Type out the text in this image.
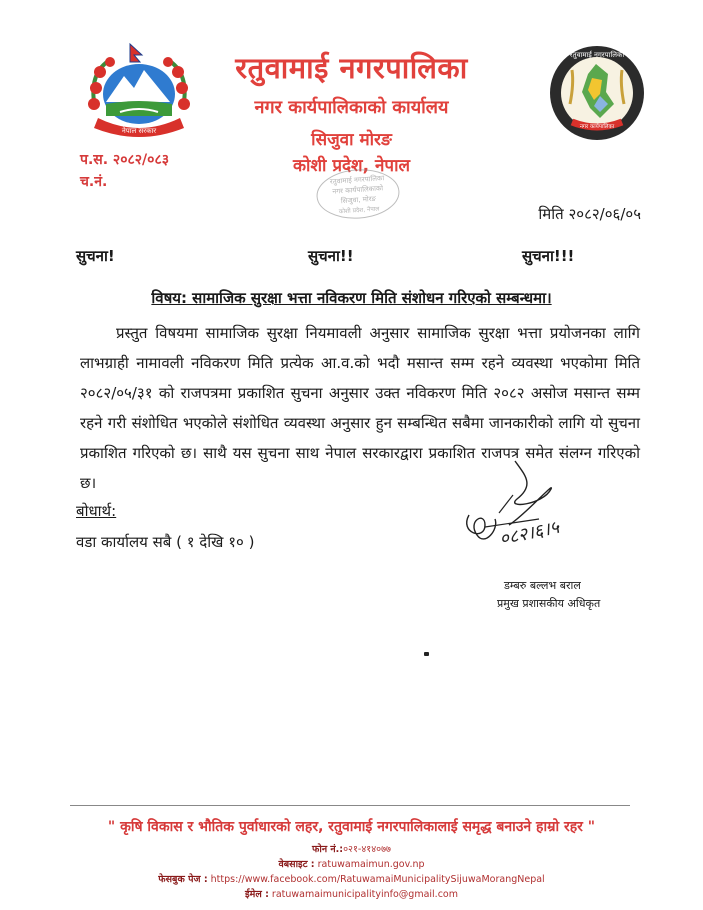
नेपाल सरकार
रतुवामाई नगरपालिका
नगर कार्यपालिका
रतुवामाई नगरपालिका
नगर कार्यपालिकाको कार्यालय
सिजुवा मोरङ
कोशी प्रदेश, नेपाल
रतुवामाई नगरपालिका
नगर कार्यपालिकाको
सिजुवा, मोरङ
कोशी प्रदेश, नेपाल
प.स. २०८२/०८३
च.नं.
मिति २०८२/०६/०५
सुचना!	सुचना!!	सुचना!!!
विषय: सामाजिक सुरक्षा भत्ता नविकरण मिति संशोधन गरिएको सम्बन्धमा।
प्रस्तुत विषयमा सामाजिक सुरक्षा नियमावली अनुसार सामाजिक सुरक्षा भत्ता प्रयोजनका लागि लाभग्राही नामावली नविकरण मिति प्रत्येक आ.व.को भदौ मसान्त सम्म रहने व्यवस्था भएकोमा मिति २०८२/०५/३१ को राजपत्रमा प्रकाशित सुचना अनुसार उक्त नविकरण मिति २०८२ असोज मसान्त सम्म रहने गरी संशोधित भएकोले संशोधित व्यवस्था अनुसार हुन सम्बन्धित सबैमा जानकारीको लागि यो सुचना प्रकाशित गरिएको छ। साथै यस सुचना साथ नेपाल सरकारद्वारा प्रकाशित राजपत्र समेत संलग्न गरिएको छ।
बोधार्थ:
वडा कार्यालय सबै ( १ देखि १० )	०८२।६।५
डम्बरु बल्लभ बराल
प्रमुख प्रशासकीय अधिकृत
" कृषि विकास र भौतिक पुर्वाधारको लहर, रतुवामाई नगरपालिकालाई समृद्ध बनाउने हाम्रो रहर "
फोन नं.:०२१-४१४०७७
वेबसाइट : ratuwamaimun.gov.np
फेसबुक पेज : https://www.facebook.com/RatuwamaiMunicipalitySijuwaMorangNepal
ईमेल : ratuwamaimunicipalityinfo@gmail.com
